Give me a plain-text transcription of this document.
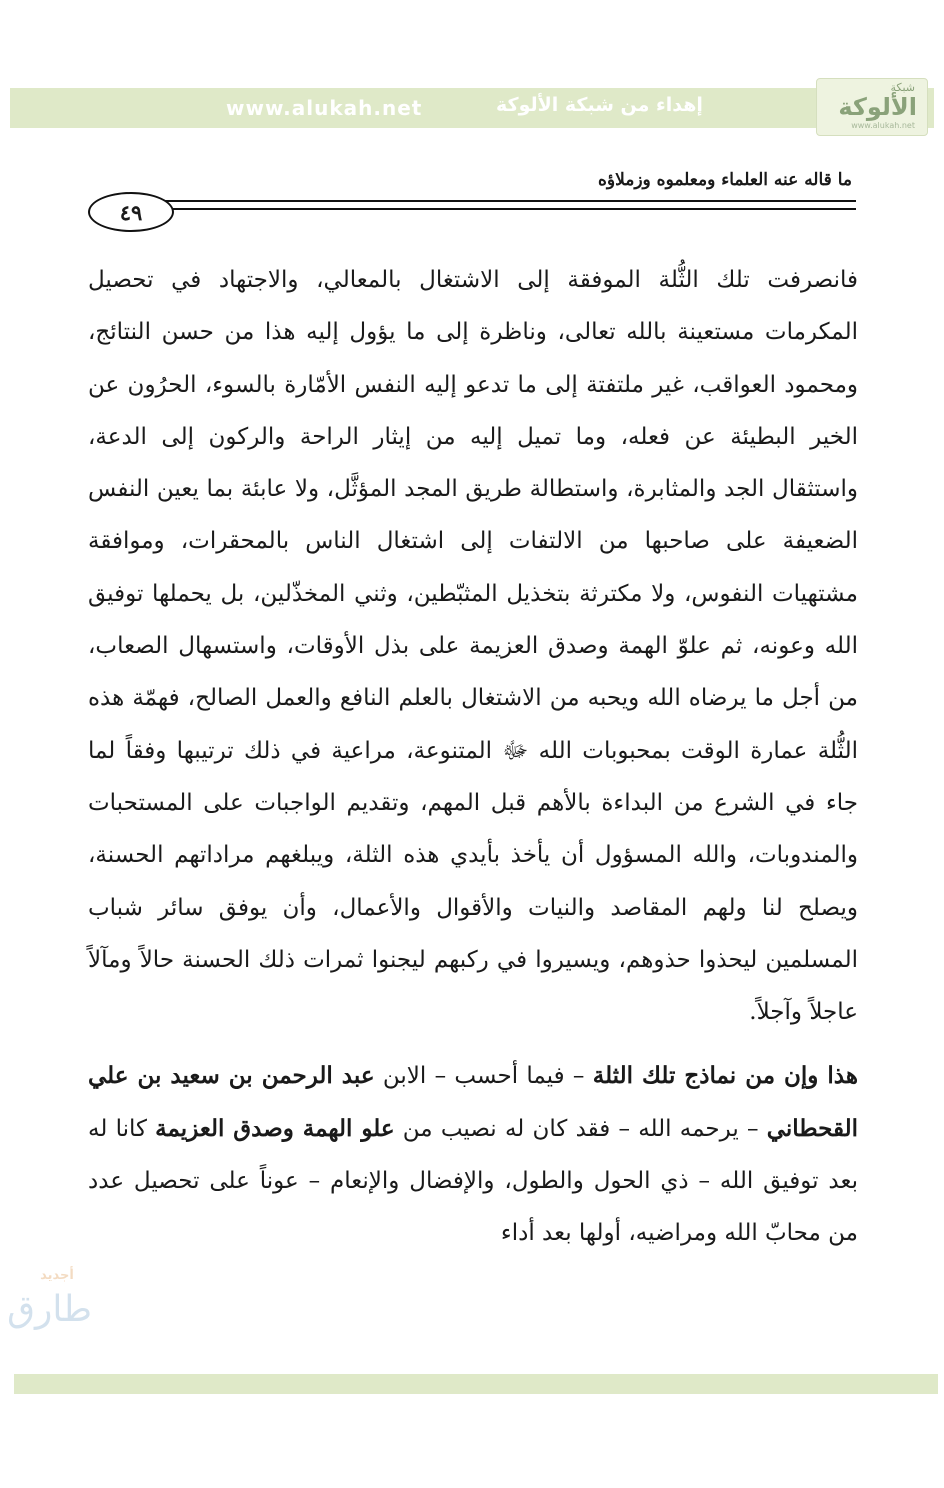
www.alukah.net	إهداء من شبكة الألوكة
شبكة
الألوكة
www.alukah.net
ما قاله عنه العلماء ومعلموه وزملاؤه
٤٩

فانصرفت تلك الثُّلة الموفقة إلى الاشتغال بالمعالي، والاجتهاد في تحصيل المكرمات مستعينة بالله تعالى، وناظرة إلى ما يؤول إليه هذا من حسن النتائج، ومحمود العواقب، غير ملتفتة إلى ما تدعو إليه النفس الأمّارة بالسوء، الحرُون عن الخير البطيئة عن فعله، وما تميل إليه من إيثار الراحة والركون إلى الدعة، واستثقال الجد والمثابرة، واستطالة طريق المجد المؤثَّل، ولا عابئة بما يعين النفس الضعيفة على صاحبها من الالتفات إلى اشتغال الناس بالمحقرات، وموافقة مشتهيات النفوس، ولا مكترثة بتخذيل المثبّطين، وثني المخذّلين، بل يحملها توفيق الله وعونه، ثم علوّ الهمة وصدق العزيمة على بذل الأوقات، واستسهال الصعاب، من أجل ما يرضاه الله ويحبه من الاشتغال بالعلم النافع والعمل الصالح، فهمّة هذه الثُّلة عمارة الوقت بمحبوبات الله ﷻ المتنوعة، مراعية في ذلك ترتيبها وفقاً لما جاء في الشرع من البداءة بالأهم قبل المهم، وتقديم الواجبات على المستحبات والمندوبات، والله المسؤول أن يأخذ بأيدي هذه الثلة، ويبلغهم مراداتهم الحسنة، ويصلح لنا ولهم المقاصد والنيات والأقوال والأعمال، وأن يوفق سائر شباب المسلمين ليحذوا حذوهم، ويسيروا في ركبهم ليجنوا ثمرات ذلك الحسنة حالاً ومآلاً عاجلاً وآجلاً.

هذا وإن من نماذج تلك الثلة – فيما أحسب – الابن عبد الرحمن بن سعيد بن علي القحطاني – يرحمه الله – فقد كان له نصيب من علو الهمة وصدق العزيمة كانا له بعد توفيق الله – ذي الحول والطول، والإفضال والإنعام – عوناً على تحصيل عدد من محابّ الله ومراضيه، أولها بعد أداء

أجديد
طارق
